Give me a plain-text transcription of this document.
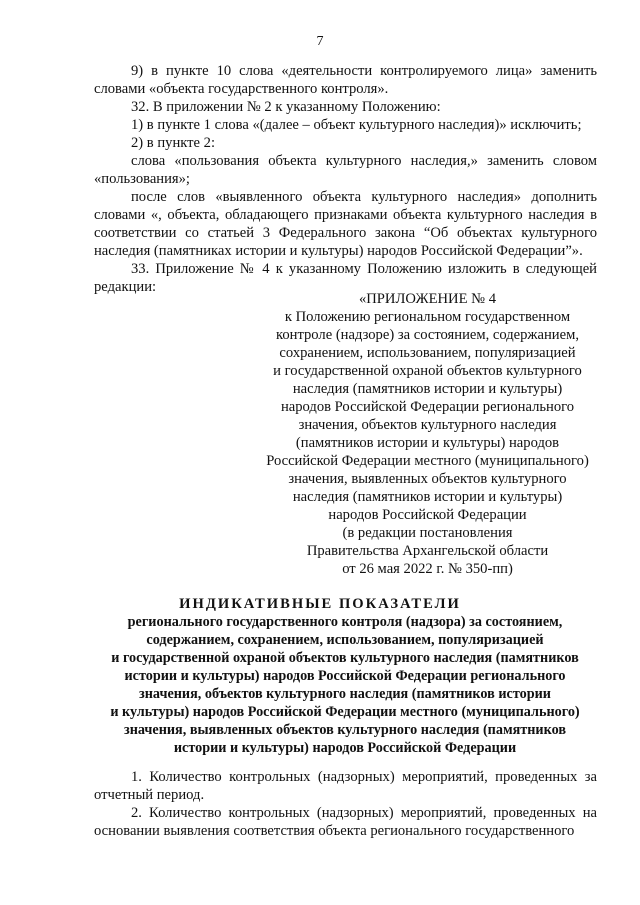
7

9) в пункте 10 слова «деятельности контролируемого лица» заменить словами «объекта государственного контроля».

32. В приложении № 2 к указанному Положению:

1) в пункте 1 слова «(далее – объект культурного наследия)» исключить;

2) в пункте 2:

слова «пользования объекта культурного наследия,» заменить словом «пользования»;

после слов «выявленного объекта культурного наследия» дополнить словами «, объекта, обладающего признаками объекта культурного наследия в соответствии со статьей 3 Федерального закона “Об объектах культурного наследия (памятниках истории и культуры) народов Российской Федерации”».

33. Приложение № 4 к указанному Положению изложить в следующей редакции:

«ПРИЛОЖЕНИЕ № 4
к Положению региональном государственном
контроле (надзоре) за состоянием, содержанием,
сохранением, использованием, популяризацией
и государственной охраной объектов культурного
наследия (памятников истории и культуры)
народов Российской Федерации регионального
значения, объектов культурного наследия
(памятников истории и культуры) народов
Российской Федерации местного (муниципального)
значения, выявленных объектов культурного
наследия (памятников истории и культуры)
народов Российской Федерации
(в редакции постановления
Правительства Архангельской области
от 26 мая 2022 г. № 350-пп)
ИНДИКАТИВНЫЕ ПОКАЗАТЕЛИ
регионального государственного контроля (надзора) за состоянием,
содержанием, сохранением, использованием, популяризацией
и государственной охраной объектов культурного наследия (памятников
истории и культуры) народов Российской Федерации регионального
значения, объектов культурного наследия (памятников истории
и культуры) народов Российской Федерации местного (муниципального)
значения, выявленных объектов культурного наследия (памятников
истории и культуры) народов Российской Федерации

1. Количество контрольных (надзорных) мероприятий, проведенных за отчетный период.

2. Количество контрольных (надзорных) мероприятий, проведенных на основании выявления соответствия объекта регионального государственного
